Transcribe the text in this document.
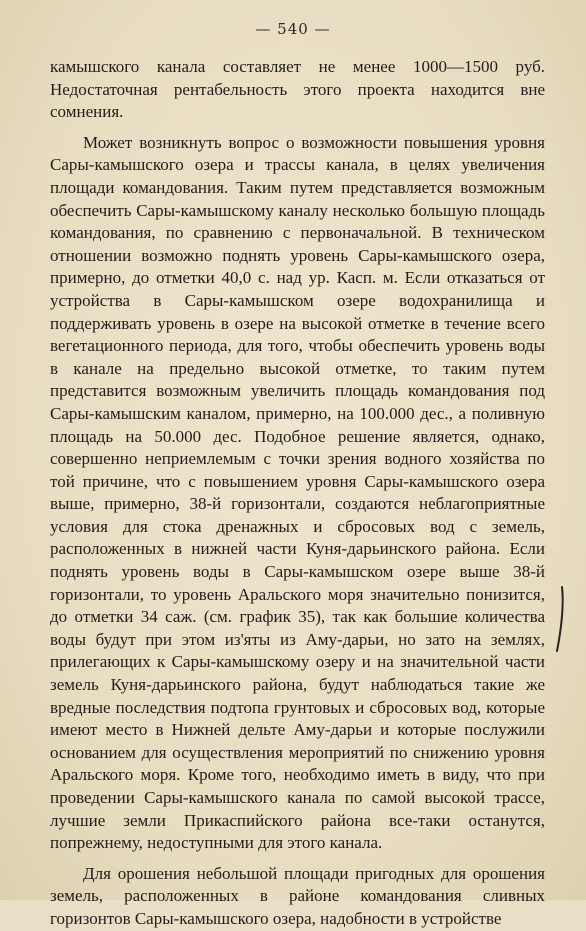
— 540 —

камышского канала составляет не менее 1000—1500 руб. Недостаточная рентабельность этого проекта находится вне сомнения.

Может возникнуть вопрос о возможности повышения уровня Сары-камышского озера и трассы канала, в целях увеличения площади командования. Таким путем представляется возможным обеспечить Сары-камышскому каналу несколько большую площадь командования, по сравнению с первоначальной. В техническом отношении возможно поднять уровень Сары-камышского озера, примерно, до отметки 40,0 с. над ур. Касп. м. Если отказаться от устройства в Сары-камышском озере водохранилища и поддерживать уровень в озере на высокой отметке в течение всего вегетационного периода, для того, чтобы обеспечить уровень воды в канале на предельно высокой отметке, то таким путем представится возможным увеличить площадь командования под Сары-камышским каналом, примерно, на 100.000 дес., а поливную площадь на 50.000 дес. Подобное решение является, однако, совершенно неприемлемым с точки зрения водного хозяйства по той причине, что с повышением уровня Сары-камышского озера выше, примерно, 38-й горизонтали, создаются неблагоприятные условия для стока дренажных и сбросовых вод с земель, расположенных в нижней части Куня-дарьинского района. Если поднять уровень воды в Сары-камышском озере выше 38-й горизонтали, то уровень Аральского моря значительно понизится, до отметки 34 саж. (см. график 35), так как большие количества воды будут при этом из'яты из Аму-дарьи, но зато на землях, прилегающих к Сары-камышскому озеру и на значительной части земель Куня-дарьинского района, будут наблюдаться такие же вредные последствия подтопа грунтовых и сбросовых вод, которые имеют место в Нижней дельте Аму-дарьи и которые послужили основанием для осуществления мероприятий по снижению уровня Аральского моря. Кроме того, необходимо иметь в виду, что при проведении Сары-камышского канала по самой высокой трассе, лучшие земли Прикаспийского района все-таки останутся, попрежнему, недоступными для этого канала.

Для орошения небольшой площади пригодных для орошения земель, расположенных в районе командования сливных горизонтов Сары-камышского озера, надобности в устройстве
